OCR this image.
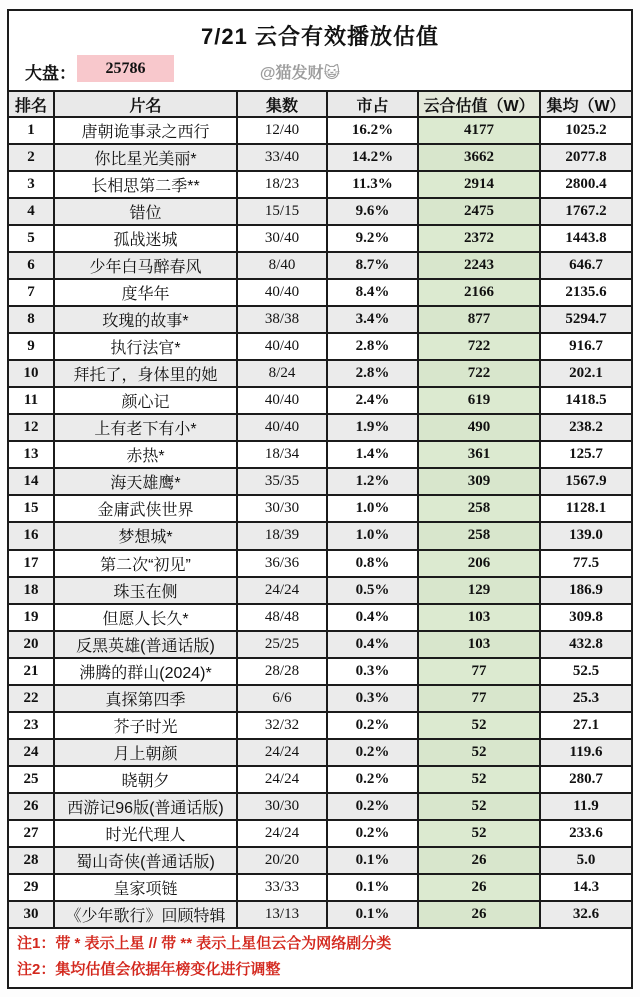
7/21 云合有效播放估值
大盘：	25786	@猫发财😺
排名	片名	集数	市占	云合估值（W）	集均（W）
1	唐朝诡事录之西行	12/40	16.2%	4177	1025.2
2	你比星光美丽*	33/40	14.2%	3662	2077.8
3	长相思第二季**	18/23	11.3%	2914	2800.4
4	错位	15/15	9.6%	2475	1767.2
5	孤战迷城	30/40	9.2%	2372	1443.8
6	少年白马醉春风	8/40	8.7%	2243	646.7
7	度华年	40/40	8.4%	2166	2135.6
8	玫瑰的故事*	38/38	3.4%	877	5294.7
9	执行法官*	40/40	2.8%	722	916.7
10	拜托了，身体里的她	8/24	2.8%	722	202.1
11	颜心记	40/40	2.4%	619	1418.5
12	上有老下有小*	40/40	1.9%	490	238.2
13	赤热*	18/34	1.4%	361	125.7
14	海天雄鹰*	35/35	1.2%	309	1567.9
15	金庸武侠世界	30/30	1.0%	258	1128.1
16	梦想城*	18/39	1.0%	258	139.0
17	第二次“初见”	36/36	0.8%	206	77.5
18	珠玉在侧	24/24	0.5%	129	186.9
19	但愿人长久*	48/48	0.4%	103	309.8
20	反黑英雄(普通话版)	25/25	0.4%	103	432.8
21	沸腾的群山(2024)*	28/28	0.3%	77	52.5
22	真探第四季	6/6	0.3%	77	25.3
23	芥子时光	32/32	0.2%	52	27.1
24	月上朝颜	24/24	0.2%	52	119.6
25	晓朝夕	24/24	0.2%	52	280.7
26	西游记96版(普通话版)	30/30	0.2%	52	11.9
27	时光代理人	24/24	0.2%	52	233.6
28	蜀山奇侠(普通话版)	20/20	0.1%	26	5.0
29	皇家项链	33/33	0.1%	26	14.3
30	《少年歌行》回顾特辑	13/13	0.1%	26	32.6
注1：带 * 表示上星 // 带 ** 表示上星但云合为网络剧分类
注2：集均估值会依据年榜变化进行调整
